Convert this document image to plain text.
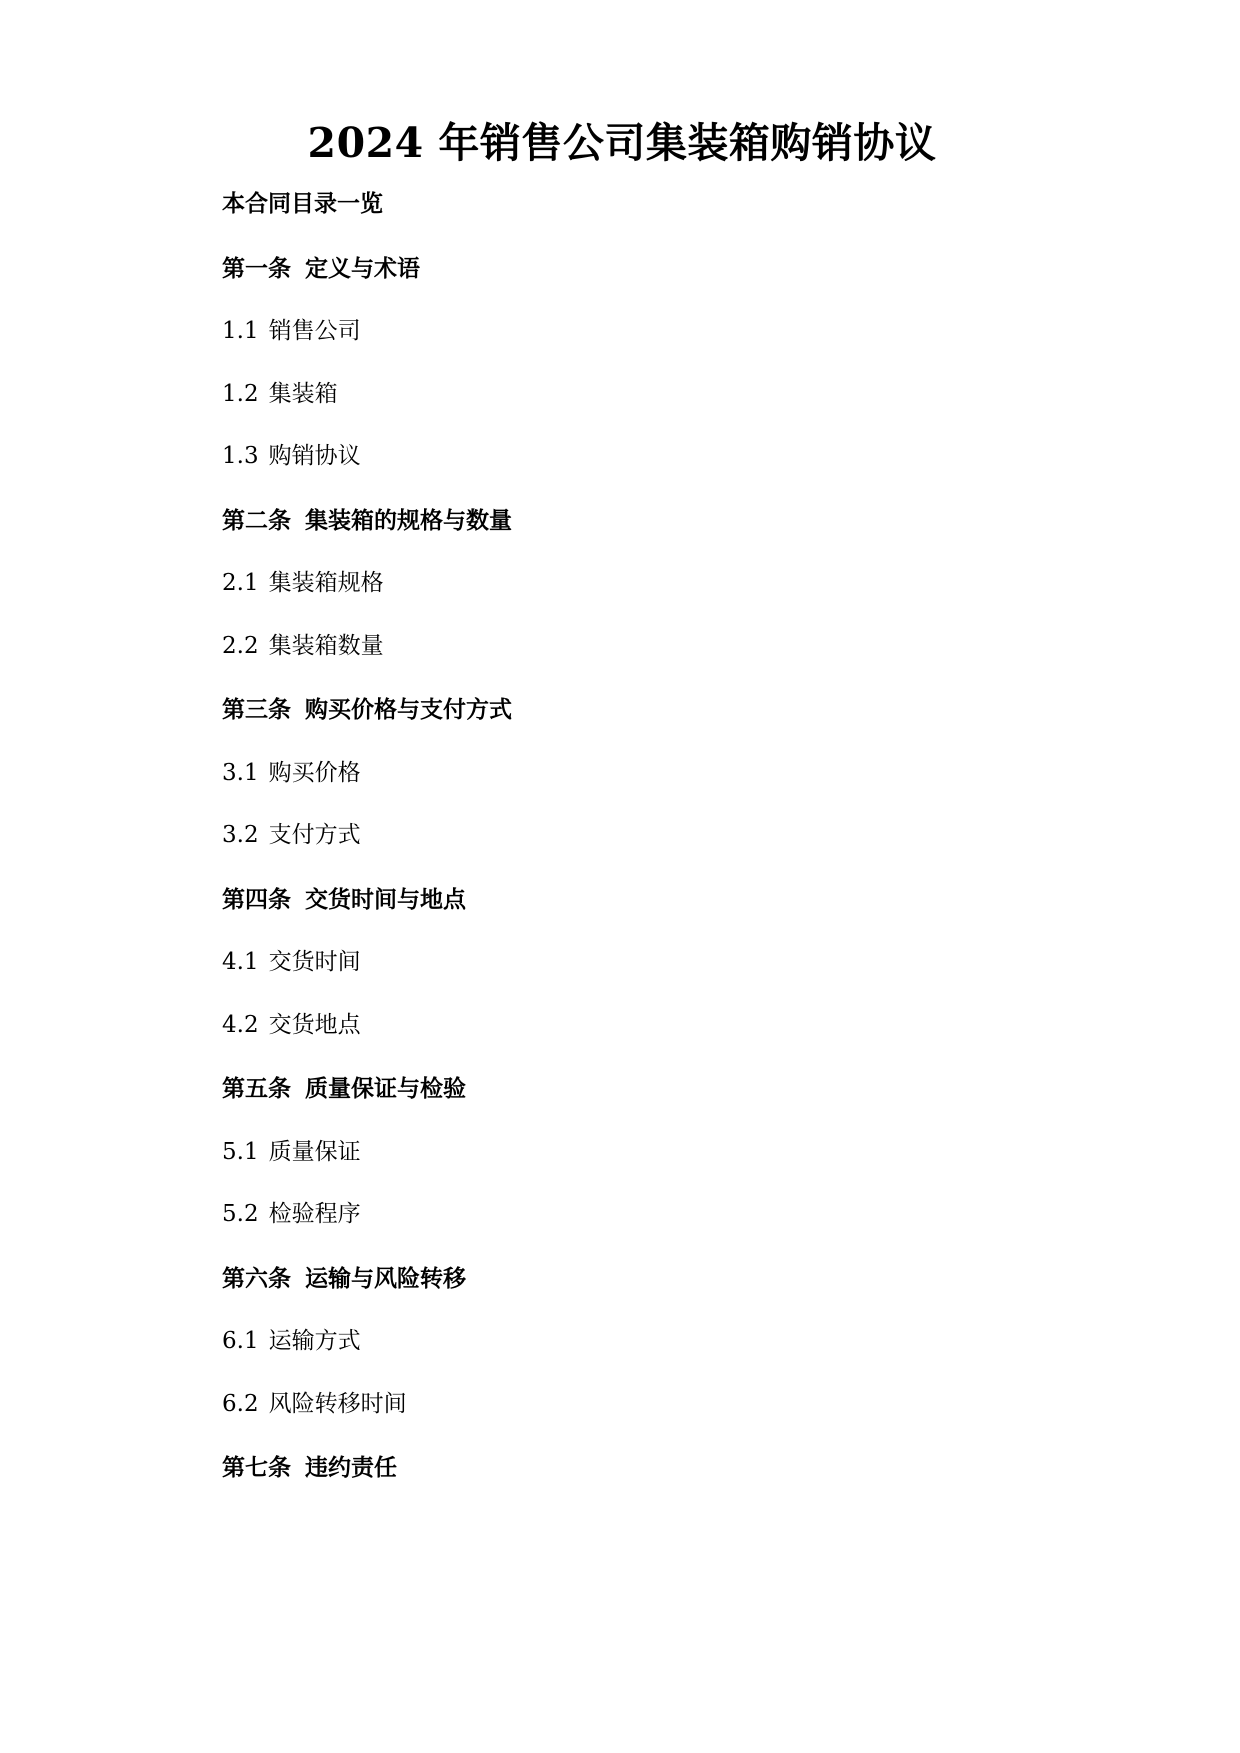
2024 年销售公司集装箱购销协议

本合同目录一览

第一条 定义与术语
1.1 销售公司
1.2 集装箱
1.3 购销协议
第二条 集装箱的规格与数量
2.1 集装箱规格
2.2 集装箱数量
第三条 购买价格与支付方式
3.1 购买价格
3.2 支付方式
第四条 交货时间与地点
4.1 交货时间
4.2 交货地点
第五条 质量保证与检验
5.1 质量保证
5.2 检验程序
第六条 运输与风险转移
6.1 运输方式
6.2 风险转移时间
第七条 违约责任
